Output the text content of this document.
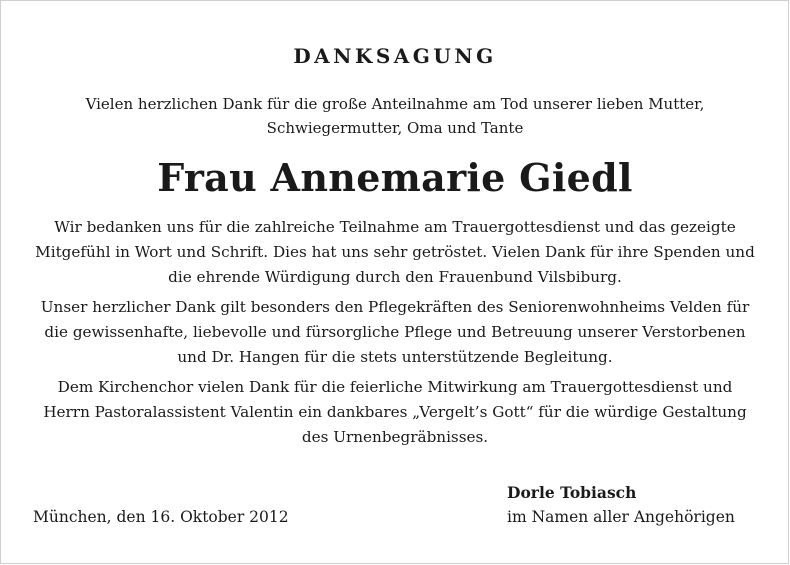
DANKSAGUNG
Vielen herzlichen Dank für die große Anteilnahme am Tod unserer lieben Mutter,
Schwiegermutter, Oma und Tante
Frau Annemarie Giedl

Wir bedanken uns für die zahlreiche Teilnahme am Trauergottesdienst und das gezeigte Mitgefühl in Wort und Schrift. Dies hat uns sehr getröstet. Vielen Dank für ihre Spenden und die ehrende Würdigung durch den Frauenbund Vilsbiburg.

Unser herzlicher Dank gilt besonders den Pflegekräften des Seniorenwohnheims Velden für die gewissenhafte, liebevolle und fürsorgliche Pflege und Betreuung unserer Verstorbenen und Dr. Hangen für die stets unterstützende Begleitung.

Dem Kirchenchor vielen Dank für die feierliche Mitwirkung am Trauergottesdienst und Herrn Pastoralassistent Valentin ein dankbares „Vergelt’s Gott“ für die würdige Gestaltung des Urnenbegräbnisses.

München, den 16. Oktober 2012
Dorle Tobiasch
im Namen aller Angehörigen
